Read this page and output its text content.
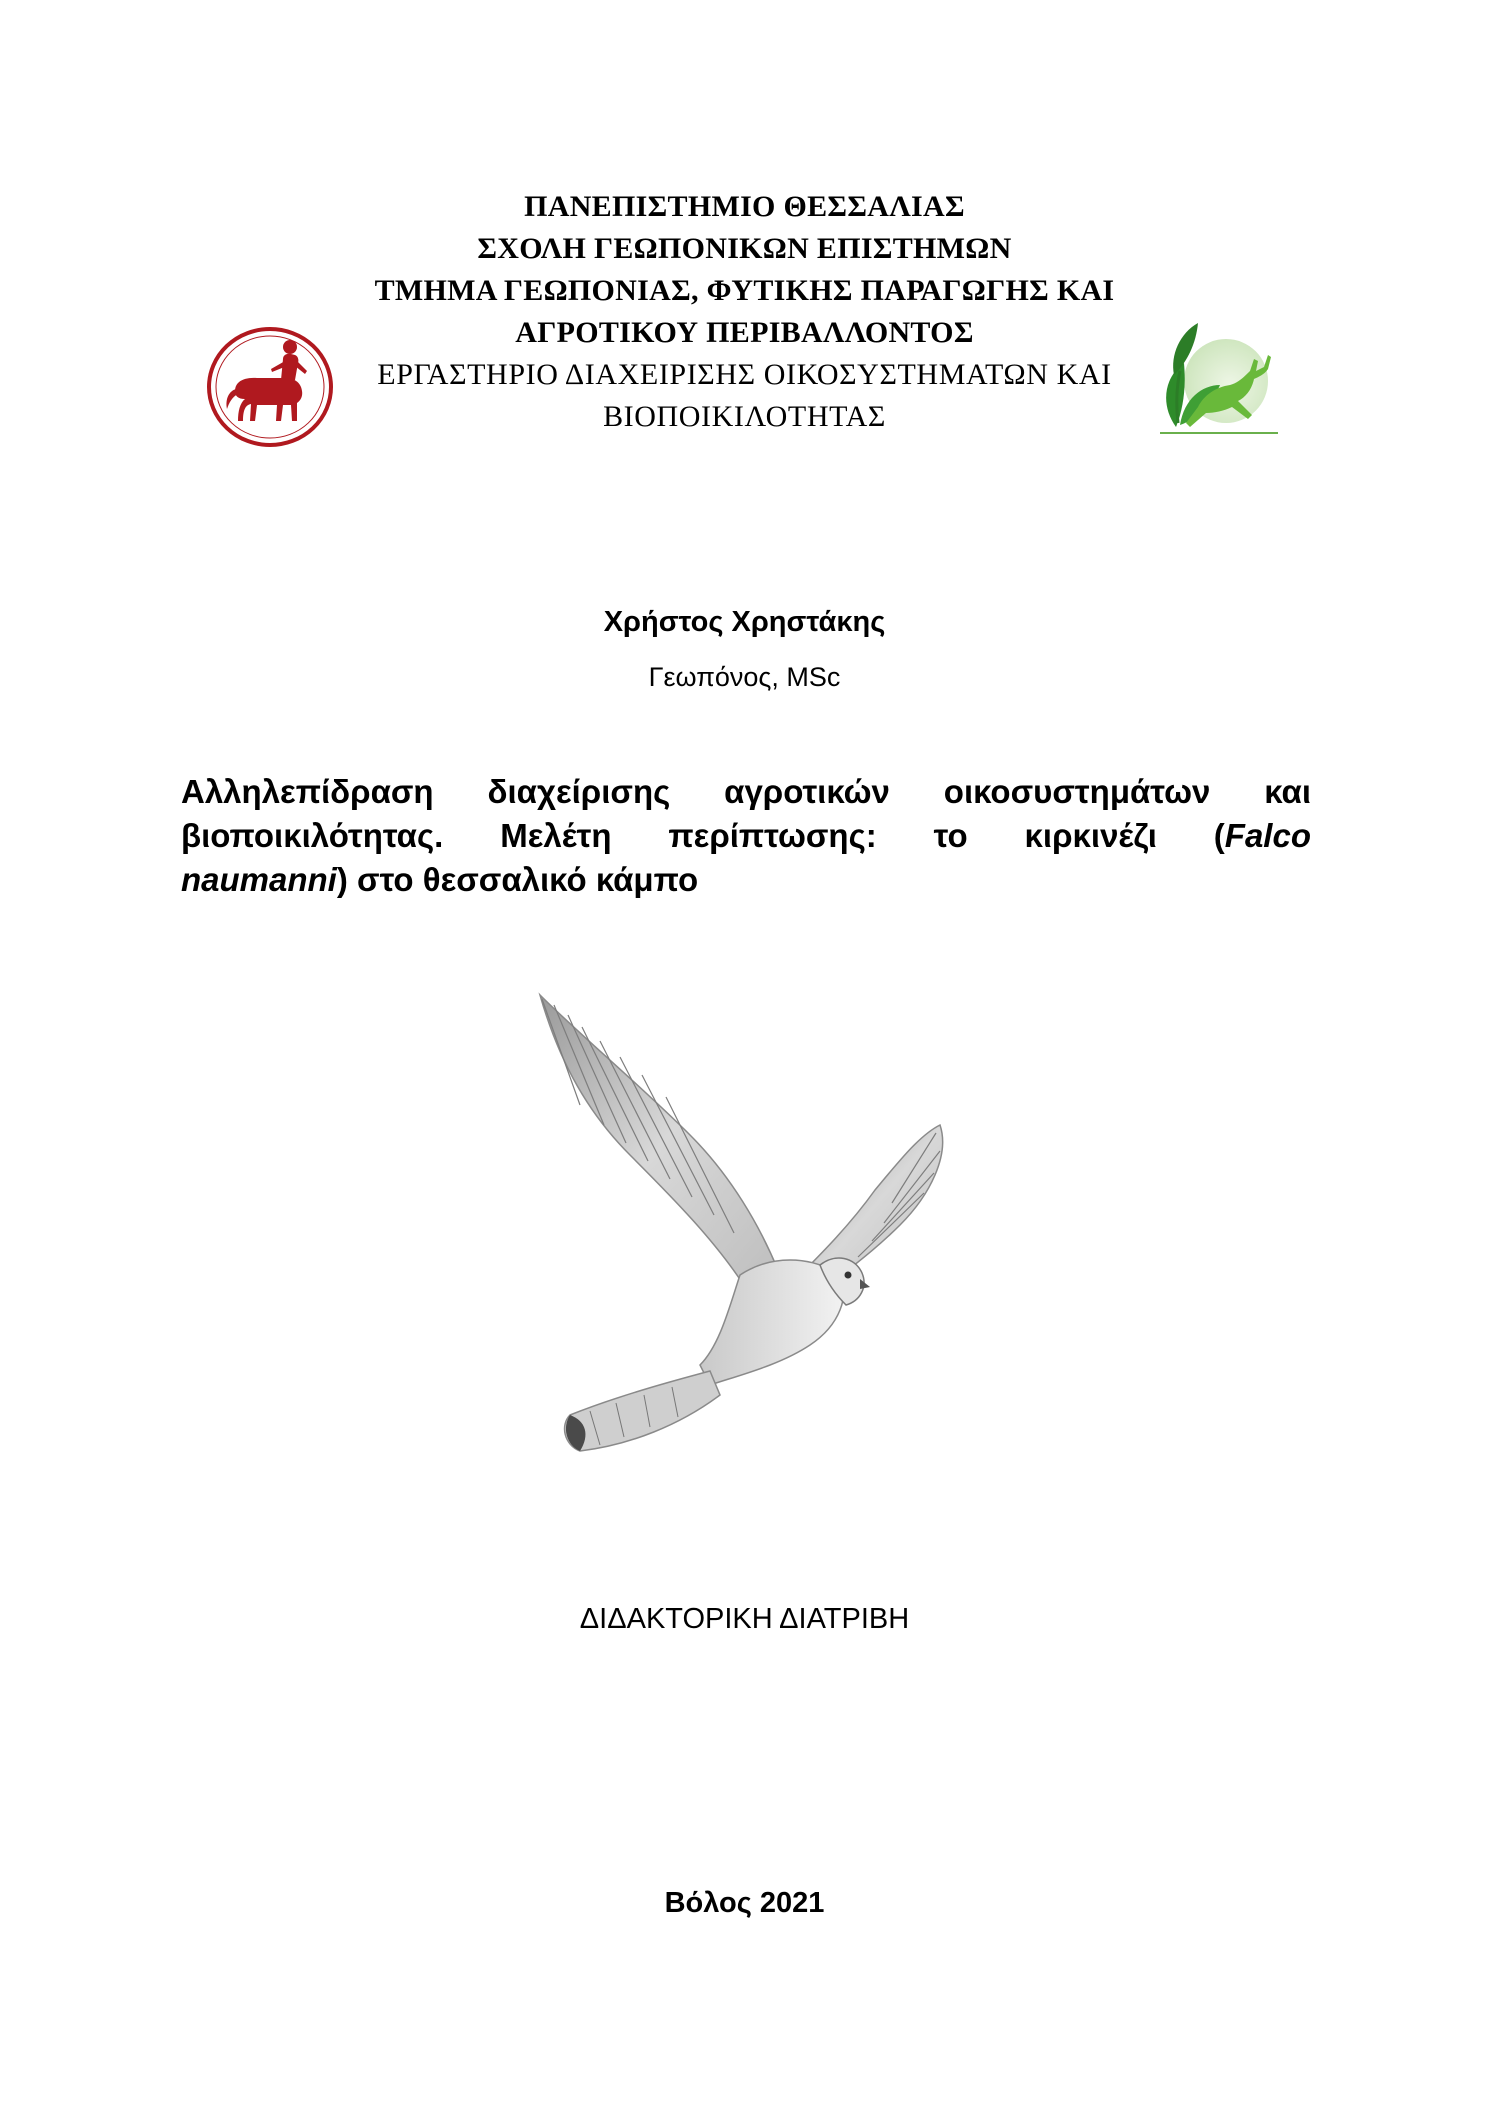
ΠΑΝΕΠΙΣΤΗΜΙΟ ΘΕΣΣΑΛΙΑΣ
ΣΧΟΛΗ ΓΕΩΠΟΝΙΚΩΝ ΕΠΙΣΤΗΜΩΝ
ΤΜΗΜΑ ΓΕΩΠΟΝΙΑΣ, ΦΥΤΙΚΗΣ ΠΑΡΑΓΩΓΗΣ ΚΑΙ
ΑΓΡΟΤΙΚΟΥ ΠΕΡΙΒΑΛΛΟΝΤΟΣ
ΕΡΓΑΣΤΗΡΙΟ ΔΙΑΧΕΙΡΙΣΗΣ ΟΙΚΟΣΥΣΤΗΜΑΤΩΝ ΚΑΙ
ΒΙΟΠΟΙΚΙΛΟΤΗΤΑΣ
Χρήστος Χρηστάκης
Γεωπόνος, MSc
Αλληλεπίδραση διαχείρισης αγροτικών οικοσυστημάτων και
βιοποικιλότητας. Μελέτη περίπτωσης: το κιρκινέζι (Falco
naumanni) στο θεσσαλικό κάμπο
ΔΙΔΑΚΤΟΡΙΚΗ ΔΙΑΤΡΙΒΗ
Βόλος 2021
